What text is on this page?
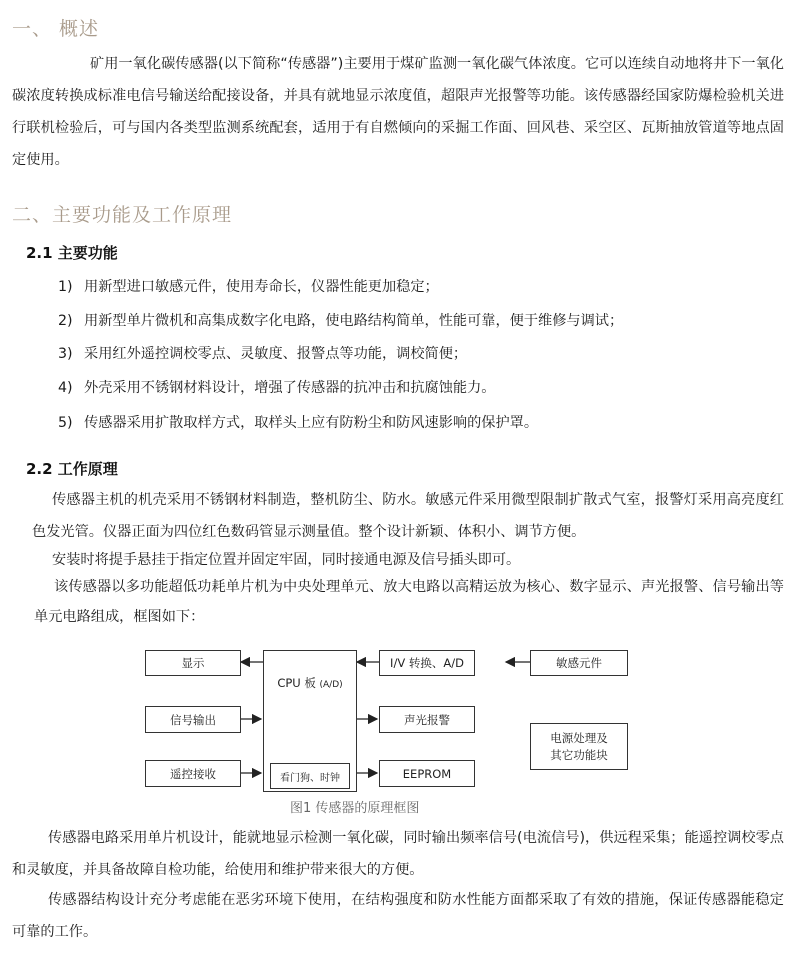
一、 概述

矿用一氧化碳传感器(以下简称“传感器”)主要用于煤矿监测一氧化碳气体浓度。它可以连续自动地将井下一氧化碳浓度转换成标准电信号输送给配接设备，并具有就地显示浓度值，超限声光报警等功能。该传感器经国家防爆检验机关进行联机检验后，可与国内各类型监测系统配套，适用于有自燃倾向的采掘工作面、回风巷、采空区、瓦斯抽放管道等地点固定使用。

二、主要功能及工作原理
2.1 主要功能
1) 用新型进口敏感元件，使用寿命长，仪器性能更加稳定；
2) 用新型单片微机和高集成数字化电路，使电路结构简单，性能可靠，便于维修与调试；
3) 采用红外遥控调校零点、灵敏度、报警点等功能，调校简便；
4) 外壳采用不锈钢材料设计，增强了传感器的抗冲击和抗腐蚀能力。
5) 传感器采用扩散取样方式，取样头上应有防粉尘和防风速影响的保护罩。
2.2 工作原理

传感器主机的机壳采用不锈钢材料制造，整机防尘、防水。敏感元件采用微型限制扩散式气室，报警灯采用高亮度红色发光管。仪器正面为四位红色数码管显示测量值。整个设计新颖、体积小、调节方便。

安装时将提手悬挂于指定位置并固定牢固，同时接通电源及信号插头即可。

该传感器以多功能超低功耗单片机为中央处理单元、放大电路以高精运放为核心、数字显示、声光报警、信号输出等单元电路组成，框图如下：

显示
信号输出
遥控接收
CPU 板 (A/D)
看门狗、时钟
I/V 转换、A/D
声光报警
EEPROM
敏感元件
电源处理及
其它功能块
图1 传感器的原理框图

传感器电路采用单片机设计，能就地显示检测一氧化碳，同时输出频率信号(电流信号)，供远程采集；能遥控调校零点和灵敏度，并具备故障自检功能，给使用和维护带来很大的方便。

传感器结构设计充分考虑能在恶劣环境下使用，在结构强度和防水性能方面都采取了有效的措施，保证传感器能稳定可靠的工作。
